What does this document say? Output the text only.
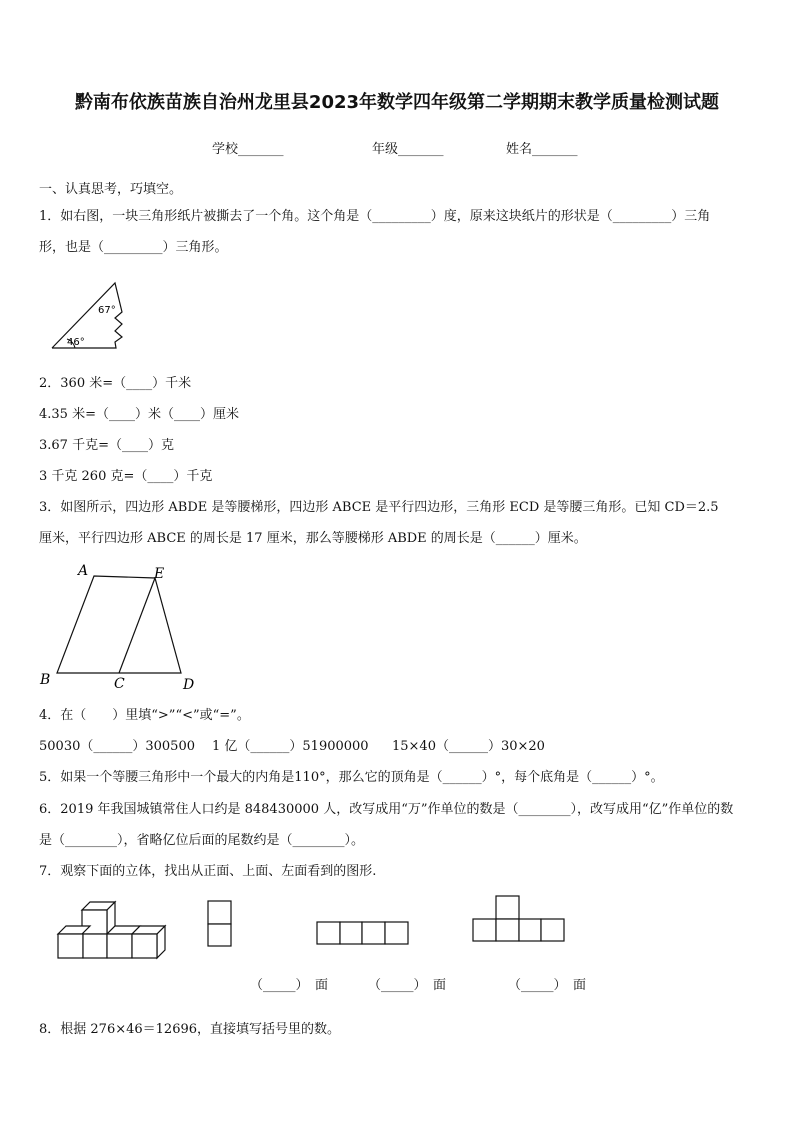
黔南布依族苗族自治州龙里县2023年数学四年级第二学期期末教学质量检测试题
学校_______	年级_______	姓名_______
一、认真思考，巧填空。
1．如右图，一块三角形纸片被撕去了一个角。这个角是（_________）度，原来这块纸片的形状是（_________）三角
形，也是（_________）三角形。
67°
46°
2．360 米=（____）千米
4.35 米=（____）米（____）厘米
3.67 千克=（____）克
3 千克 260 克=（____）千克
3．如图所示，四边形 ABDE 是等腰梯形，四边形 ABCE 是平行四边形，三角形 ECD 是等腰三角形。已知 CD＝2.5
厘米，平行四边形 ABCE 的周长是 17 厘米，那么等腰梯形 ABDE 的周长是（______）厘米。
A	E
B	C	D
4．在（　　）里填“>”“<”或“=”。
50030（______）300500 1 亿（______）51900000 15×40（______）30×20
5．如果一个等腰三角形中一个最大的内角是110°，那么它的顶角是（______）°，每个底角是（______）°。
6．2019 年我国城镇常住人口约是 848430000 人，改写成用“万”作单位的数是（________），改写成用“亿”作单位的数
是（________），省略亿位后面的尾数约是（________）。
7．观察下面的立体，找出从正面、上面、左面看到的图形.
（_____）　面	（_____）　面	（_____）　面
8．根据 276×46＝12696，直接填写括号里的数。
